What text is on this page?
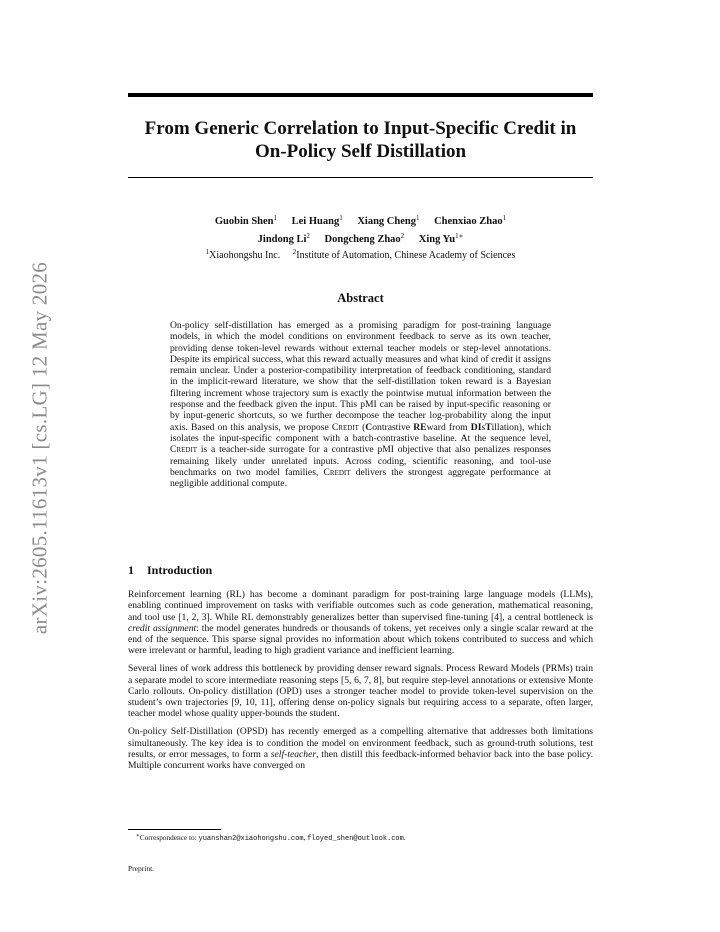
arXiv:2605.11613v1 [cs.LG] 12 May 2026
From Generic Correlation to Input-Specific Credit in
On-Policy Self Distillation
Guobin Shen$^1$ Lei Huang$^1$ Xiang Cheng$^1$ Chenxiao Zhao$^1$
Jindong Li$^2$ Dongcheng Zhao$^2$ Xing $Yu^{1∗}$
$^1$Xiaohongshu Inc. $^2$Institute of Automation, Chinese Academy of Sciences
Abstract
On-policy self-distillation has emerged as a promising paradigm for post-training language models, in which the model conditions on environment feedback to serve as its own teacher, providing dense token-level rewards without external teacher models or step-level annotations. Despite its empirical success, what this reward actually measures and what kind of credit it assigns remain unclear. Under a posterior-compatibility interpretation of feedback conditioning, standard in the implicit-reward literature, we show that the self-distillation token reward is a Bayesian filtering increment whose trajectory sum is exactly the pointwise mutual information between the response and the feedback given the input. This pMI can be raised by input-specific reasoning or by input-generic shortcuts, so we further decompose the teacher log-probability along the input axis. Based on this analysis, we propose Credit (Contrastive REward from DIsTillation), which isolates the input-specific component with a batch-contrastive baseline. At the sequence level, Credit is a teacher-side surrogate for a contrastive pMI objective that also penalizes responses remaining likely under unrelated inputs. Across coding, scientific reasoning, and tool-use benchmarks on two model families, Credit delivers the strongest aggregate performance at negligible additional compute.
1 Introduction

Reinforcement learning (RL) has become a dominant paradigm for post-training large language models (LLMs), enabling continued improvement on tasks with verifiable outcomes such as code generation, mathematical reasoning, and tool use [1, 2, 3]. While RL demonstrably generalizes better than supervised fine-tuning [4], a central bottleneck is credit assignment: the model generates hundreds or thousands of tokens, yet receives only a single scalar reward at the end of the sequence. This sparse signal provides no information about which tokens contributed to success and which were irrelevant or harmful, leading to high gradient variance and inefficient learning.

Several lines of work address this bottleneck by providing denser reward signals. Process Reward Models (PRMs) train a separate model to score intermediate reasoning steps [5, 6, 7, 8], but require step-level annotations or extensive Monte Carlo rollouts. On-policy distillation (OPD) uses a stronger teacher model to provide token-level supervision on the student’s own trajectories [9, 10, 11], offering dense on-policy signals but requiring access to a separate, often larger, teacher model whose quality upper-bounds the student.

On-policy Self-Distillation (OPSD) has recently emerged as a compelling alternative that addresses both limitations simultaneously. The key idea is to condition the model on environment feedback, such as ground-truth solutions, test results, or error messages, to form a self-teacher, then distill this feedback-informed behavior back into the base policy. Multiple concurrent works have converged on

∗Correspondence to: yuanshan2@xiaohongshu.com, floyed_shen@outlook.com.
Preprint.
